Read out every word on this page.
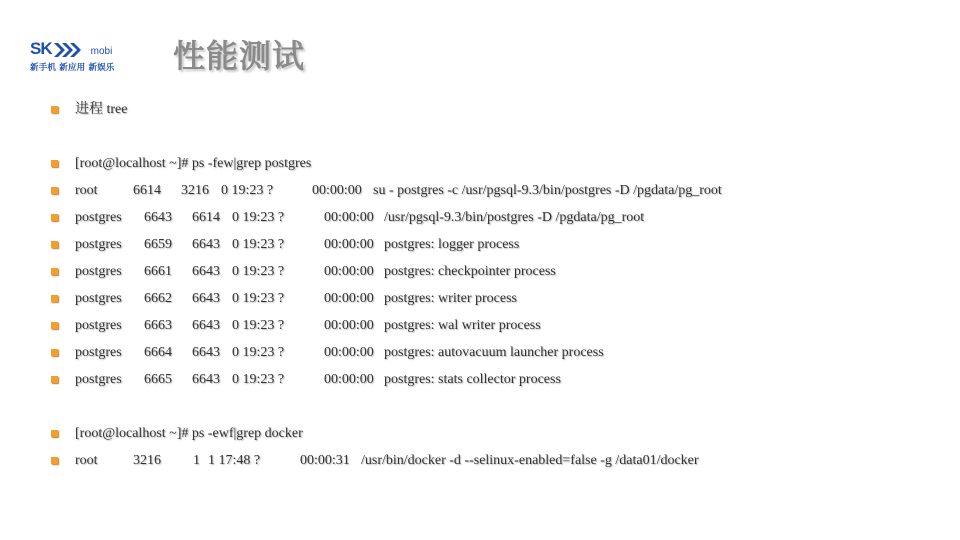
SK	mobi
新手机 新应用 新娱乐 性能测试
进程 tree
[root@localhost ~]# ps -few|grep postgres
root	6614 3216 0 19:23 ?	00:00:00 su - postgres -c /usr/pgsql-9.3/bin/postgres -D /pgdata/pg_root
postgres 6643 6614 0 19:23 ?	00:00:00 /usr/pgsql-9.3/bin/postgres -D /pgdata/pg_root
postgres 6659 6643 0 19:23 ?	00:00:00 postgres: logger process
postgres 6661 6643 0 19:23 ?	00:00:00 postgres: checkpointer process
postgres 6662 6643 0 19:23 ?	00:00:00 postgres: writer process
postgres 6663 6643 0 19:23 ?	00:00:00 postgres: wal writer process
postgres 6664 6643 0 19:23 ?	00:00:00 postgres: autovacuum launcher process
postgres 6665 6643 0 19:23 ?	00:00:00 postgres: stats collector process
[root@localhost ~]# ps -ewf|grep docker
root	3216 1 1 17:48 ?	00:00:31 /usr/bin/docker -d --selinux-enabled=false -g /data01/docker
